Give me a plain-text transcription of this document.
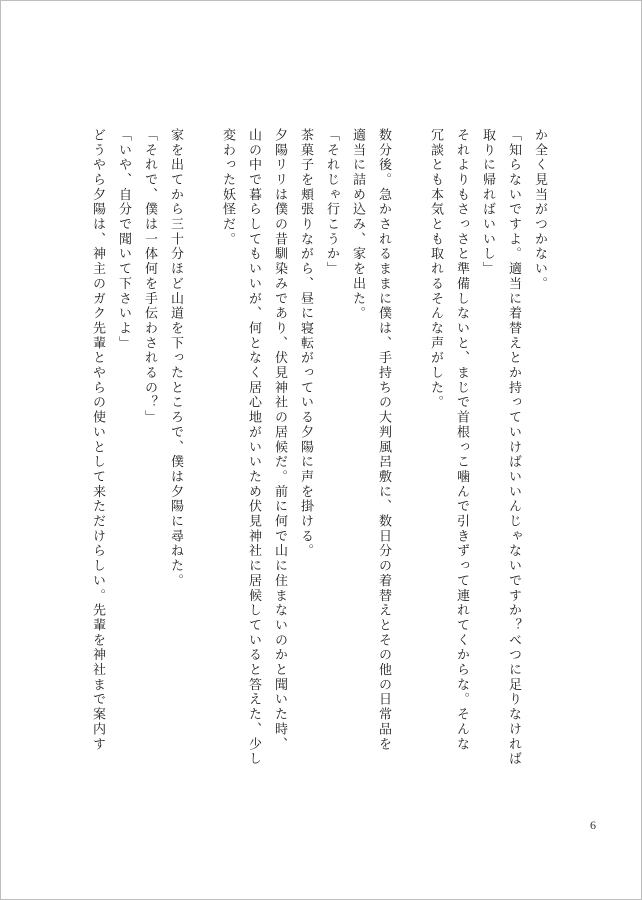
か全く見当がつかない。
「知らないですよ。適当に着替えとか持っていけばいいんじゃないですか？べつに足りなければ
取りに帰ればいいし」
それよりもさっさと準備しないと、まじで首根っこ噛んで引きずって連れてくからな。そんな
冗談とも本気とも取れるそんな声がした。
数分後。急かされるままに僕は、手持ちの大判風呂敷に、数日分の着替えとその他の日常品を
適当に詰め込み、家を出た。
「それじゃ行こうか」
茶菓子を頬張りながら、昼に寝転がっている夕陽に声を掛ける。
夕陽リリは僕の昔馴染みであり、伏見神社の居候だ。前に何で山に住まないのかと聞いた時、
山の中で暮らしてもいいが、何となく居心地がいいため伏見神社に居候していると答えた、少し
変わった妖怪だ。
家を出てから三十分ほど山道を下ったところで、僕は夕陽に尋ねた。
「それで、僕は一体何を手伝わされるの？」
「いや、自分で聞いて下さいよ」
どうやら夕陽は、神主のガク先輩とやらの使いとして来ただけらしい。先輩を神社まで案内す
6
